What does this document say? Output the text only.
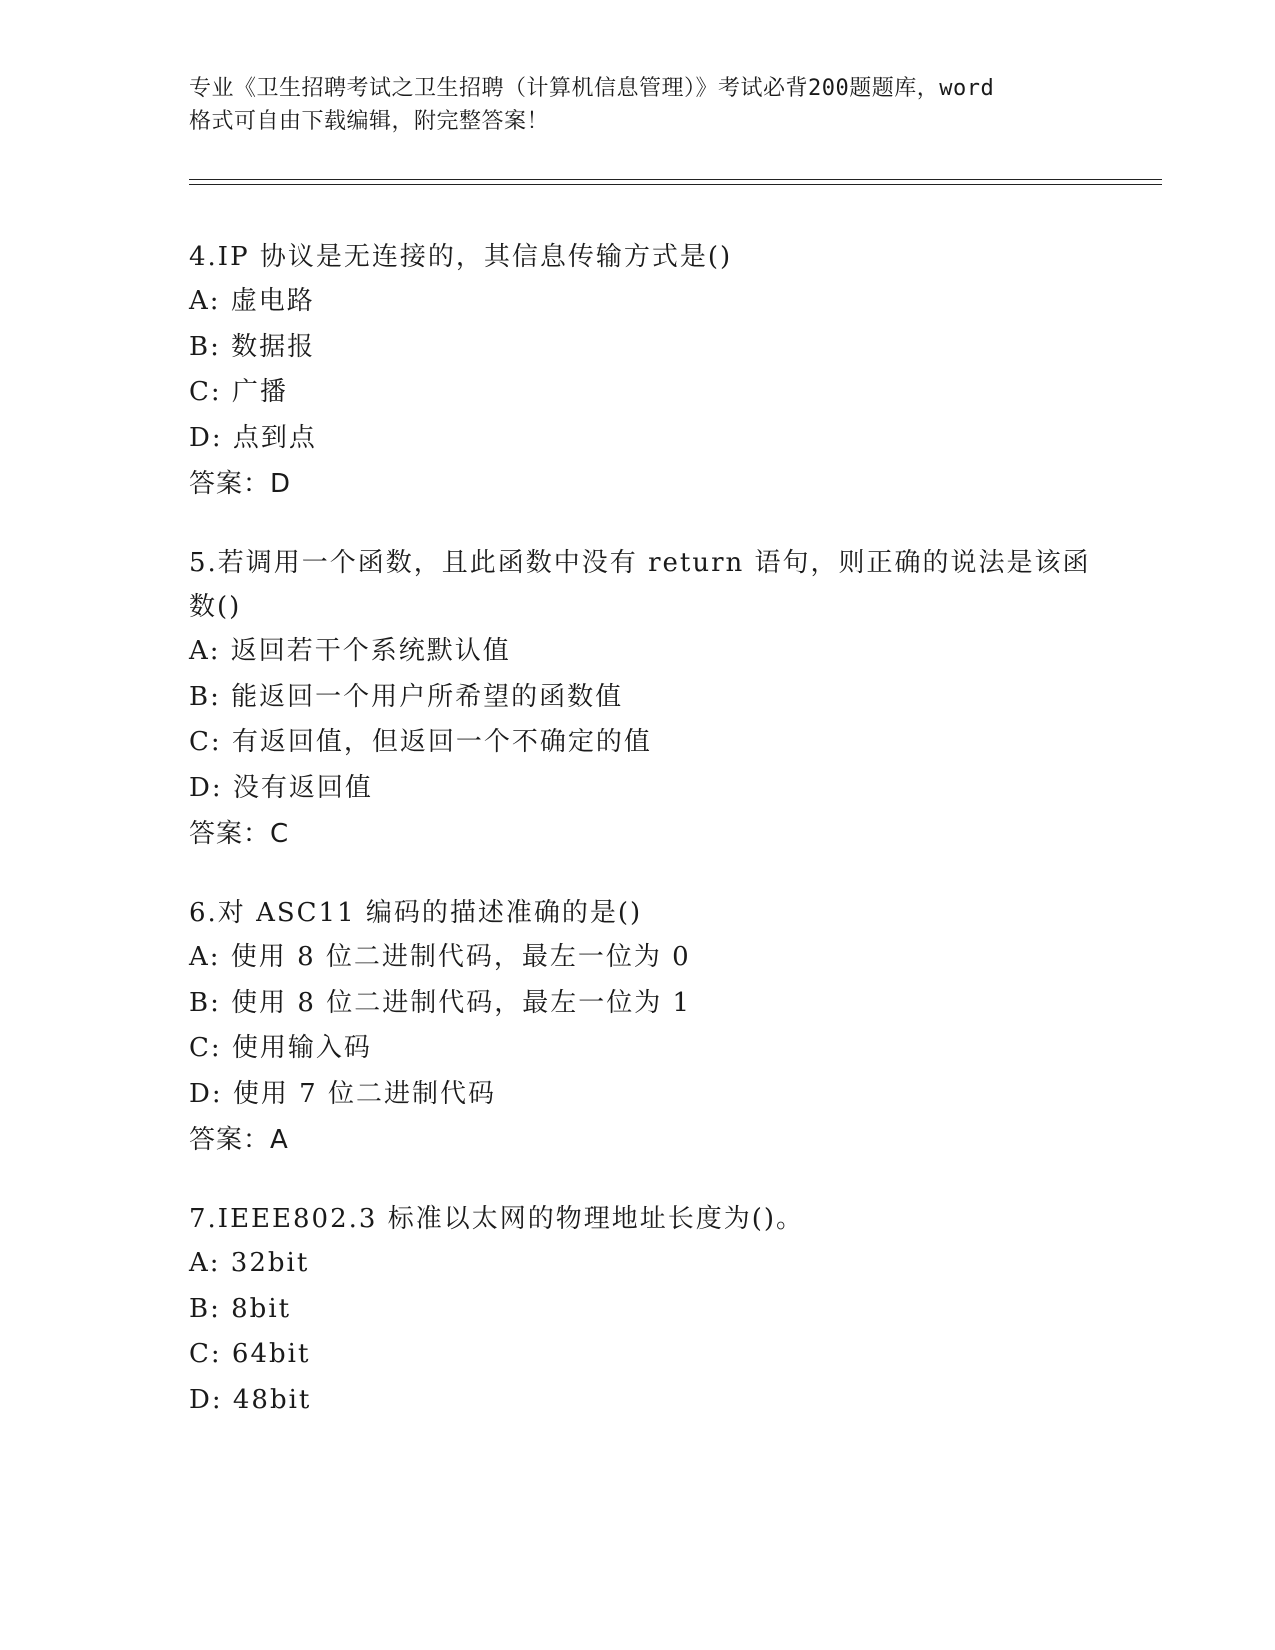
专业《卫生招聘考试之卫生招聘（计算机信息管理）》考试必背200题题库，word
格式可自由下载编辑，附完整答案！

4.IP 协议是无连接的，其信息传输方式是()

A: 虚电路

B: 数据报

C: 广播

D: 点到点

答案：D

5.若调用一个函数，且此函数中没有 return 语句，则正确的说法是该函数()

A: 返回若干个系统默认值

B: 能返回一个用户所希望的函数值

C: 有返回值，但返回一个不确定的值

D: 没有返回值

答案：C

6.对 ASC11 编码的描述准确的是()

A: 使用 8 位二进制代码，最左一位为 0

B: 使用 8 位二进制代码，最左一位为 1

C: 使用输入码

D: 使用 7 位二进制代码

答案：A

7.IEEE802.3 标准以太网的物理地址长度为()。

A: 32bit

B: 8bit

C: 64bit

D: 48bit
